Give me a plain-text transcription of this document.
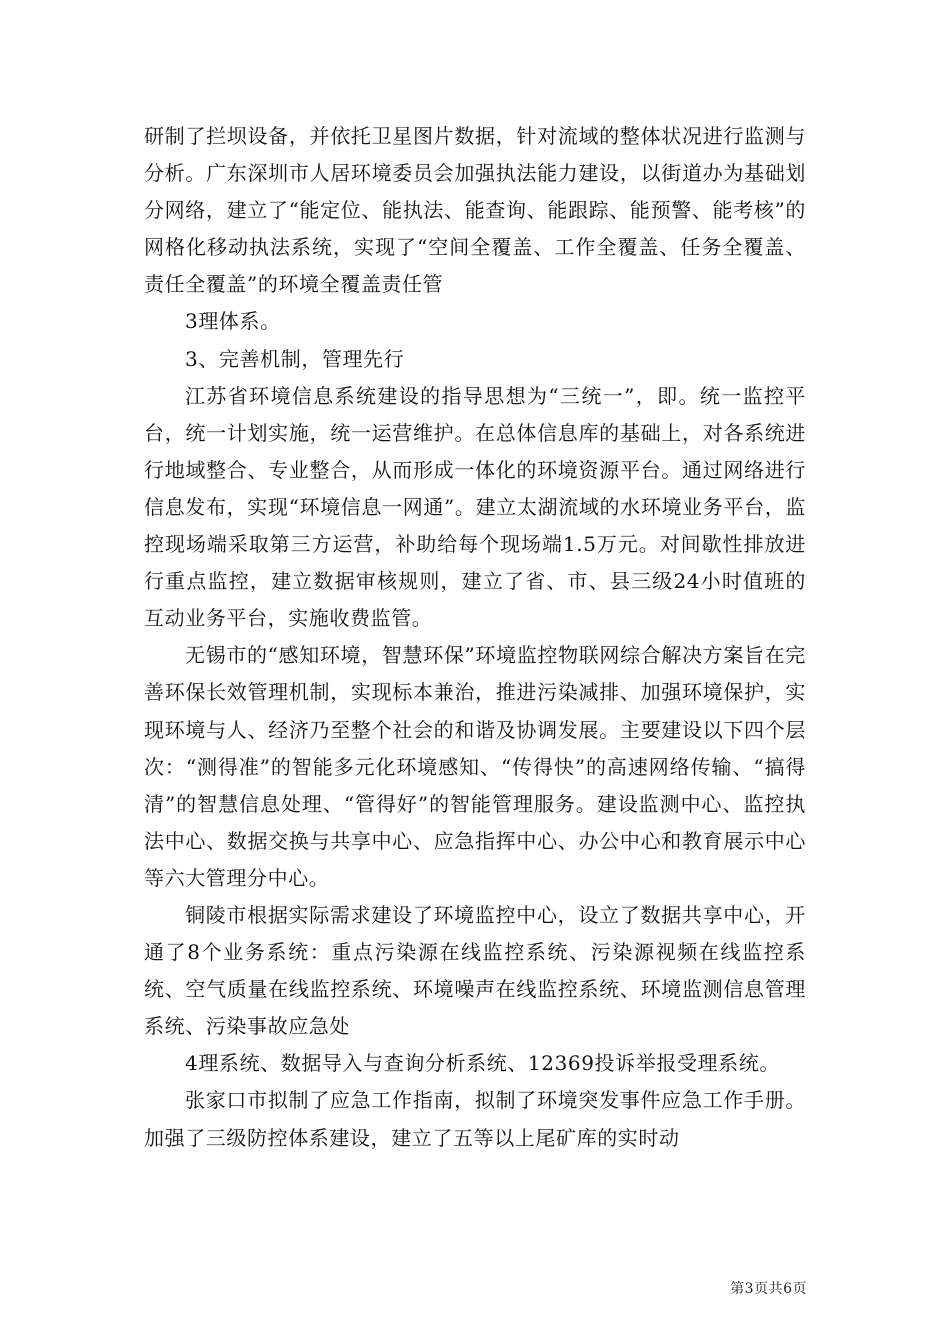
研制了拦坝设备，并依托卫星图片数据，针对流域的整体状况进行监测与分析。广东深圳市人居环境委员会加强执法能力建设，以街道办为基础划分网络，建立了“能定位、能执法、能查询、能跟踪、能预警、能考核”的网格化移动执法系统，实现了“空间全覆盖、工作全覆盖、任务全覆盖、责任全覆盖”的环境全覆盖责任管

3理体系。

3、完善机制，管理先行

江苏省环境信息系统建设的指导思想为“三统一”，即。统一监控平台，统一计划实施，统一运营维护。在总体信息库的基础上，对各系统进行地域整合、专业整合，从而形成一体化的环境资源平台。通过网络进行信息发布，实现“环境信息一网通”。建立太湖流域的水环境业务平台，监控现场端采取第三方运营，补助给每个现场端1.5万元。对间歇性排放进行重点监控，建立数据审核规则，建立了省、市、县三级24小时值班的互动业务平台，实施收费监管。

无锡市的“感知环境，智慧环保”环境监控物联网综合解决方案旨在完善环保长效管理机制，实现标本兼治，推进污染减排、加强环境保护，实现环境与人、经济乃至整个社会的和谐及协调发展。主要建设以下四个层次：“测得准”的智能多元化环境感知、“传得快”的高速网络传输、“搞得清”的智慧信息处理、“管得好”的智能管理服务。建设监测中心、监控执法中心、数据交换与共享中心、应急指挥中心、办公中心和教育展示中心等六大管理分中心。

铜陵市根据实际需求建设了环境监控中心，设立了数据共享中心，开通了8个业务系统：重点污染源在线监控系统、污染源视频在线监控系统、空气质量在线监控系统、环境噪声在线监控系统、环境监测信息管理系统、污染事故应急处

4理系统、数据导入与查询分析系统、12369投诉举报受理系统。

张家口市拟制了应急工作指南，拟制了环境突发事件应急工作手册。加强了三级防控体系建设，建立了五等以上尾矿库的实时动

第3页共6页
